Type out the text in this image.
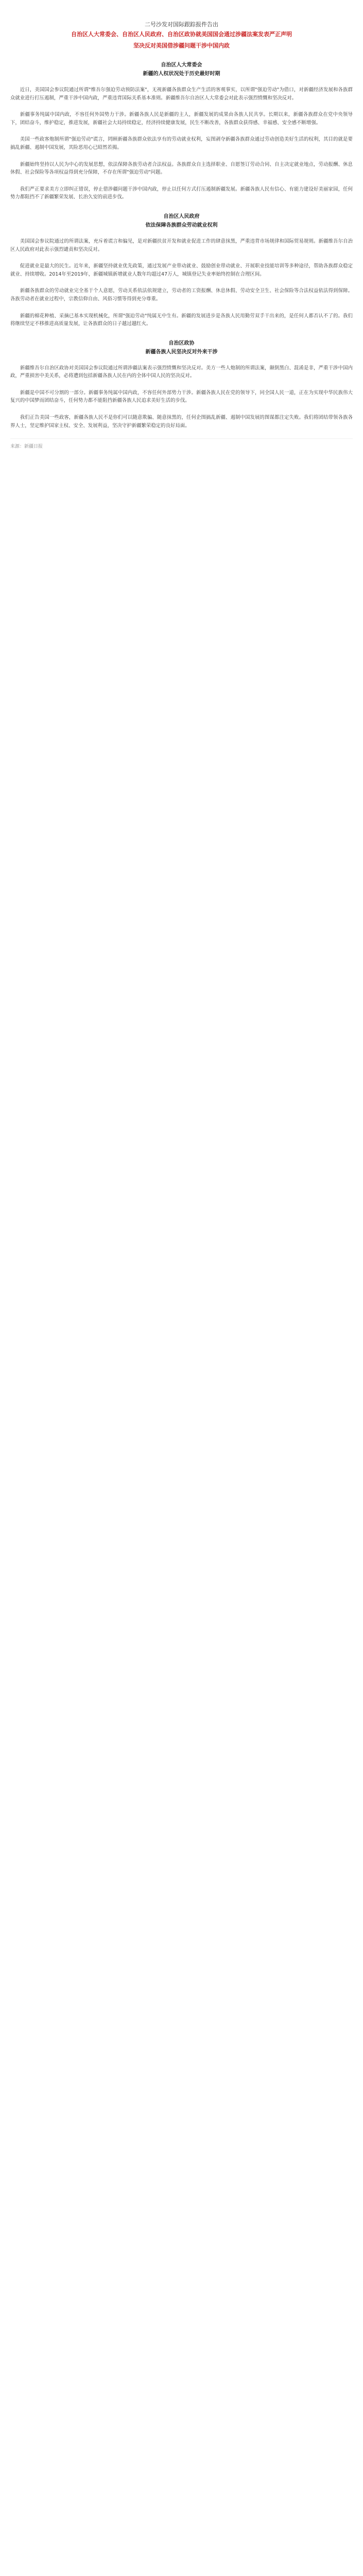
二号沙发对国际跟踪报件告出

自治区人大常委会、自治区人民政府、自治区政协就美国国会通过涉疆法案发表严正声明

坚决反对美国借涉疆问题干涉中国内政

自治区人大常委会

新疆的人权状况处于历史最好时期

近日，美国国会参议院通过所谓"维吾尔强迫劳动预防法案"，无视新疆各族群众生产生活的客观事实，以所谓"强迫劳动"为借口，对新疆经济发展和各族群众就业进行打压遏制，严重干涉中国内政，严重违背国际关系基本准则。新疆维吾尔自治区人大常委会对此表示强烈愤慨和坚决反对。

新疆事务纯属中国内政，不容任何外国势力干涉。新疆各族人民是新疆的主人，新疆发展的成果由各族人民共享。长期以来，新疆各族群众在党中央领导下，团结奋斗，维护稳定，推进发展，新疆社会大局持续稳定，经济持续健康发展，民生不断改善，各族群众获得感、幸福感、安全感不断增强。

美国一些政客炮制所谓"强迫劳动"谎言，罔顾新疆各族群众依法享有的劳动就业权利，妄图剥夺新疆各族群众通过劳动创造美好生活的权利，其目的就是要搞乱新疆、遏制中国发展，其险恶用心已昭然若揭。

新疆始终坚持以人民为中心的发展思想，依法保障各族劳动者合法权益。各族群众自主选择职业、自愿签订劳动合同、自主决定就业地点，劳动报酬、休息休假、社会保险等各项权益得到充分保障，不存在所谓"强迫劳动"问题。

我们严正要求美方立即纠正错误，停止借涉疆问题干涉中国内政，停止以任何方式打压遏制新疆发展。新疆各族人民有信心、有能力建设好美丽家园，任何势力都阻挡不了新疆繁荣发展、长治久安的前进步伐。

自治区人民政府

依法保障各族群众劳动就业权利

美国国会参议院通过的所谓法案，充斥着谎言和偏见，是对新疆扶贫开发和就业促进工作的肆意抹黑，严重违背市场规律和国际贸易规则。新疆维吾尔自治区人民政府对此表示强烈谴责和坚决反对。

促进就业是最大的民生。近年来，新疆坚持就业优先政策，通过发展产业带动就业、鼓励创业带动就业、开展职业技能培训等多种途径，帮助各族群众稳定就业、持续增收。2014年至2019年，新疆城镇新增就业人数年均超过47万人，城镇登记失业率始终控制在合理区间。

新疆各族群众的劳动就业完全基于个人意愿，劳动关系依法依规建立，劳动者的工资报酬、休息休假、劳动安全卫生、社会保险等合法权益依法得到保障。各族劳动者在就业过程中，宗教信仰自由、风俗习惯等得到充分尊重。

新疆的棉花种植、采摘已基本实现机械化，所谓"强迫劳动"纯属无中生有。新疆的发展进步是各族人民用勤劳双手干出来的，是任何人都否认不了的。我们将继续坚定不移推进高质量发展，让各族群众的日子越过越红火。

自治区政协

新疆各族人民坚决反对外来干涉

新疆维吾尔自治区政协对美国国会参议院通过所谓涉疆法案表示强烈愤慨和坚决反对。美方一些人炮制的所谓法案，颠倒黑白、混淆是非，严重干涉中国内政，严重损害中美关系，必将遭到包括新疆各族人民在内的全体中国人民的坚决反对。

新疆是中国不可分割的一部分。新疆事务纯属中国内政，不容任何外部势力干涉。新疆各族人民在党的领导下，同全国人民一道，正在为实现中华民族伟大复兴的中国梦而团结奋斗，任何势力都不能阻挡新疆各族人民追求美好生活的步伐。

我们正告美国一些政客，新疆各族人民不是你们可以随意欺骗、随意抹黑的，任何企图搞乱新疆、遏制中国发展的图谋都注定失败。我们将团结带领各族各界人士，坚定维护国家主权、安全、发展利益，坚决守护新疆繁荣稳定的良好局面。

来源：新疆日报
